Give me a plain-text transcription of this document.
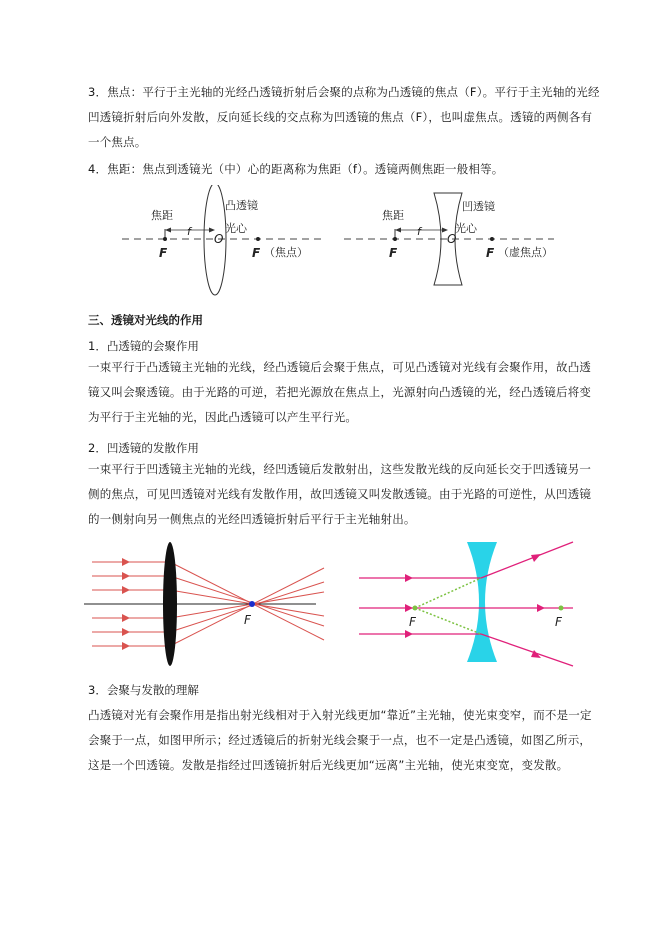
3．焦点：平行于主光轴的光经凸透镜折射后会聚的点称为凸透镜的焦点（F）。平行于主光轴的光经凹透镜折射后向外发散，反向延长线的交点称为凹透镜的焦点（F），也叫虚焦点。透镜的两侧各有一个焦点。

4．焦距：焦点到透镜光（中）心的距离称为焦距（f）。透镜两侧焦距一般相等。

焦距
f
O
凸透镜
光心
F	F （焦点）
焦距
f
O
凹透镜
光心
F	F （虚焦点）

三、透镜对光线的作用

1．凸透镜的会聚作用

一束平行于凸透镜主光轴的光线，经凸透镜后会聚于焦点，可见凸透镜对光线有会聚作用，故凸透镜又叫会聚透镜。由于光路的可逆，若把光源放在焦点上，光源射向凸透镜的光，经凸透镜后将变为平行于主光轴的光，因此凸透镜可以产生平行光。

2．凹透镜的发散作用

一束平行于凹透镜主光轴的光线，经凹透镜后发散射出，这些发散光线的反向延长交于凹透镜另一侧的焦点，可见凹透镜对光线有发散作用，故凹透镜又叫发散透镜。由于光路的可逆性，从凹透镜的一侧射向另一侧焦点的光经凹透镜折射后平行于主光轴射出。

F	F	F

3．会聚与发散的理解

凸透镜对光有会聚作用是指出射光线相对于入射光线更加“靠近”主光轴，使光束变窄，而不是一定会聚于一点，如图甲所示；经过透镜后的折射光线会聚于一点，也不一定是凸透镜，如图乙所示，这是一个凹透镜。发散是指经过凹透镜折射后光线更加“远离”主光轴，使光束变宽，变发散。
